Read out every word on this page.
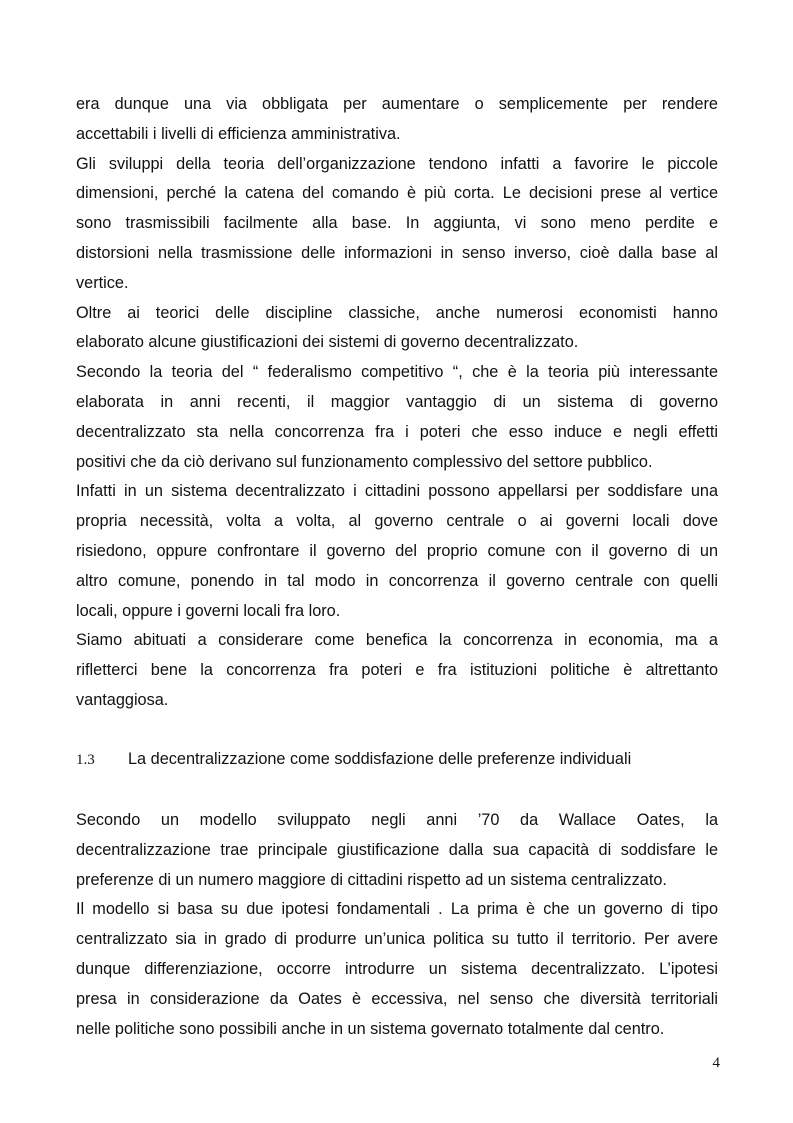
era dunque una via obbligata per aumentare o semplicemente per rendere
accettabili i livelli di efficienza amministrativa.
Gli sviluppi della teoria dell’organizzazione tendono infatti a favorire le piccole
dimensioni, perché la catena del comando è più corta. Le decisioni prese al vertice
sono trasmissibili facilmente alla base. In aggiunta, vi sono meno perdite e
distorsioni nella trasmissione delle informazioni in senso inverso, cioè dalla base al
vertice.
Oltre ai teorici delle discipline classiche, anche numerosi economisti hanno
elaborato alcune giustificazioni dei sistemi di governo decentralizzato.
Secondo la teoria del “ federalismo competitivo “, che è la teoria più interessante
elaborata in anni recenti, il maggior vantaggio di un sistema di governo
decentralizzato sta nella concorrenza fra i poteri che esso induce e negli effetti
positivi che da ciò derivano sul funzionamento complessivo del settore pubblico.
Infatti in un sistema decentralizzato i cittadini possono appellarsi per soddisfare una
propria necessità, volta a volta, al governo centrale o ai governi locali dove
risiedono, oppure confrontare il governo del proprio comune con il governo di un
altro comune, ponendo in tal modo in concorrenza il governo centrale con quelli
locali, oppure i governi locali fra loro.
Siamo abituati a considerare come benefica la concorrenza in economia, ma a
rifletterci bene la concorrenza fra poteri e fra istituzioni politiche è altrettanto
vantaggiosa.
1.3 La decentralizzazione come soddisfazione delle preferenze individuali
Secondo un modello sviluppato negli anni ’70 da Wallace Oates, la
decentralizzazione trae principale giustificazione dalla sua capacità di soddisfare le
preferenze di un numero maggiore di cittadini rispetto ad un sistema centralizzato.
Il modello si basa su due ipotesi fondamentali . La prima è che un governo di tipo
centralizzato sia in grado di produrre un’unica politica su tutto il territorio. Per avere
dunque differenziazione, occorre introdurre un sistema decentralizzato. L’ipotesi
presa in considerazione da Oates è eccessiva, nel senso che diversità territoriali
nelle politiche sono possibili anche in un sistema governato totalmente dal centro.
4
